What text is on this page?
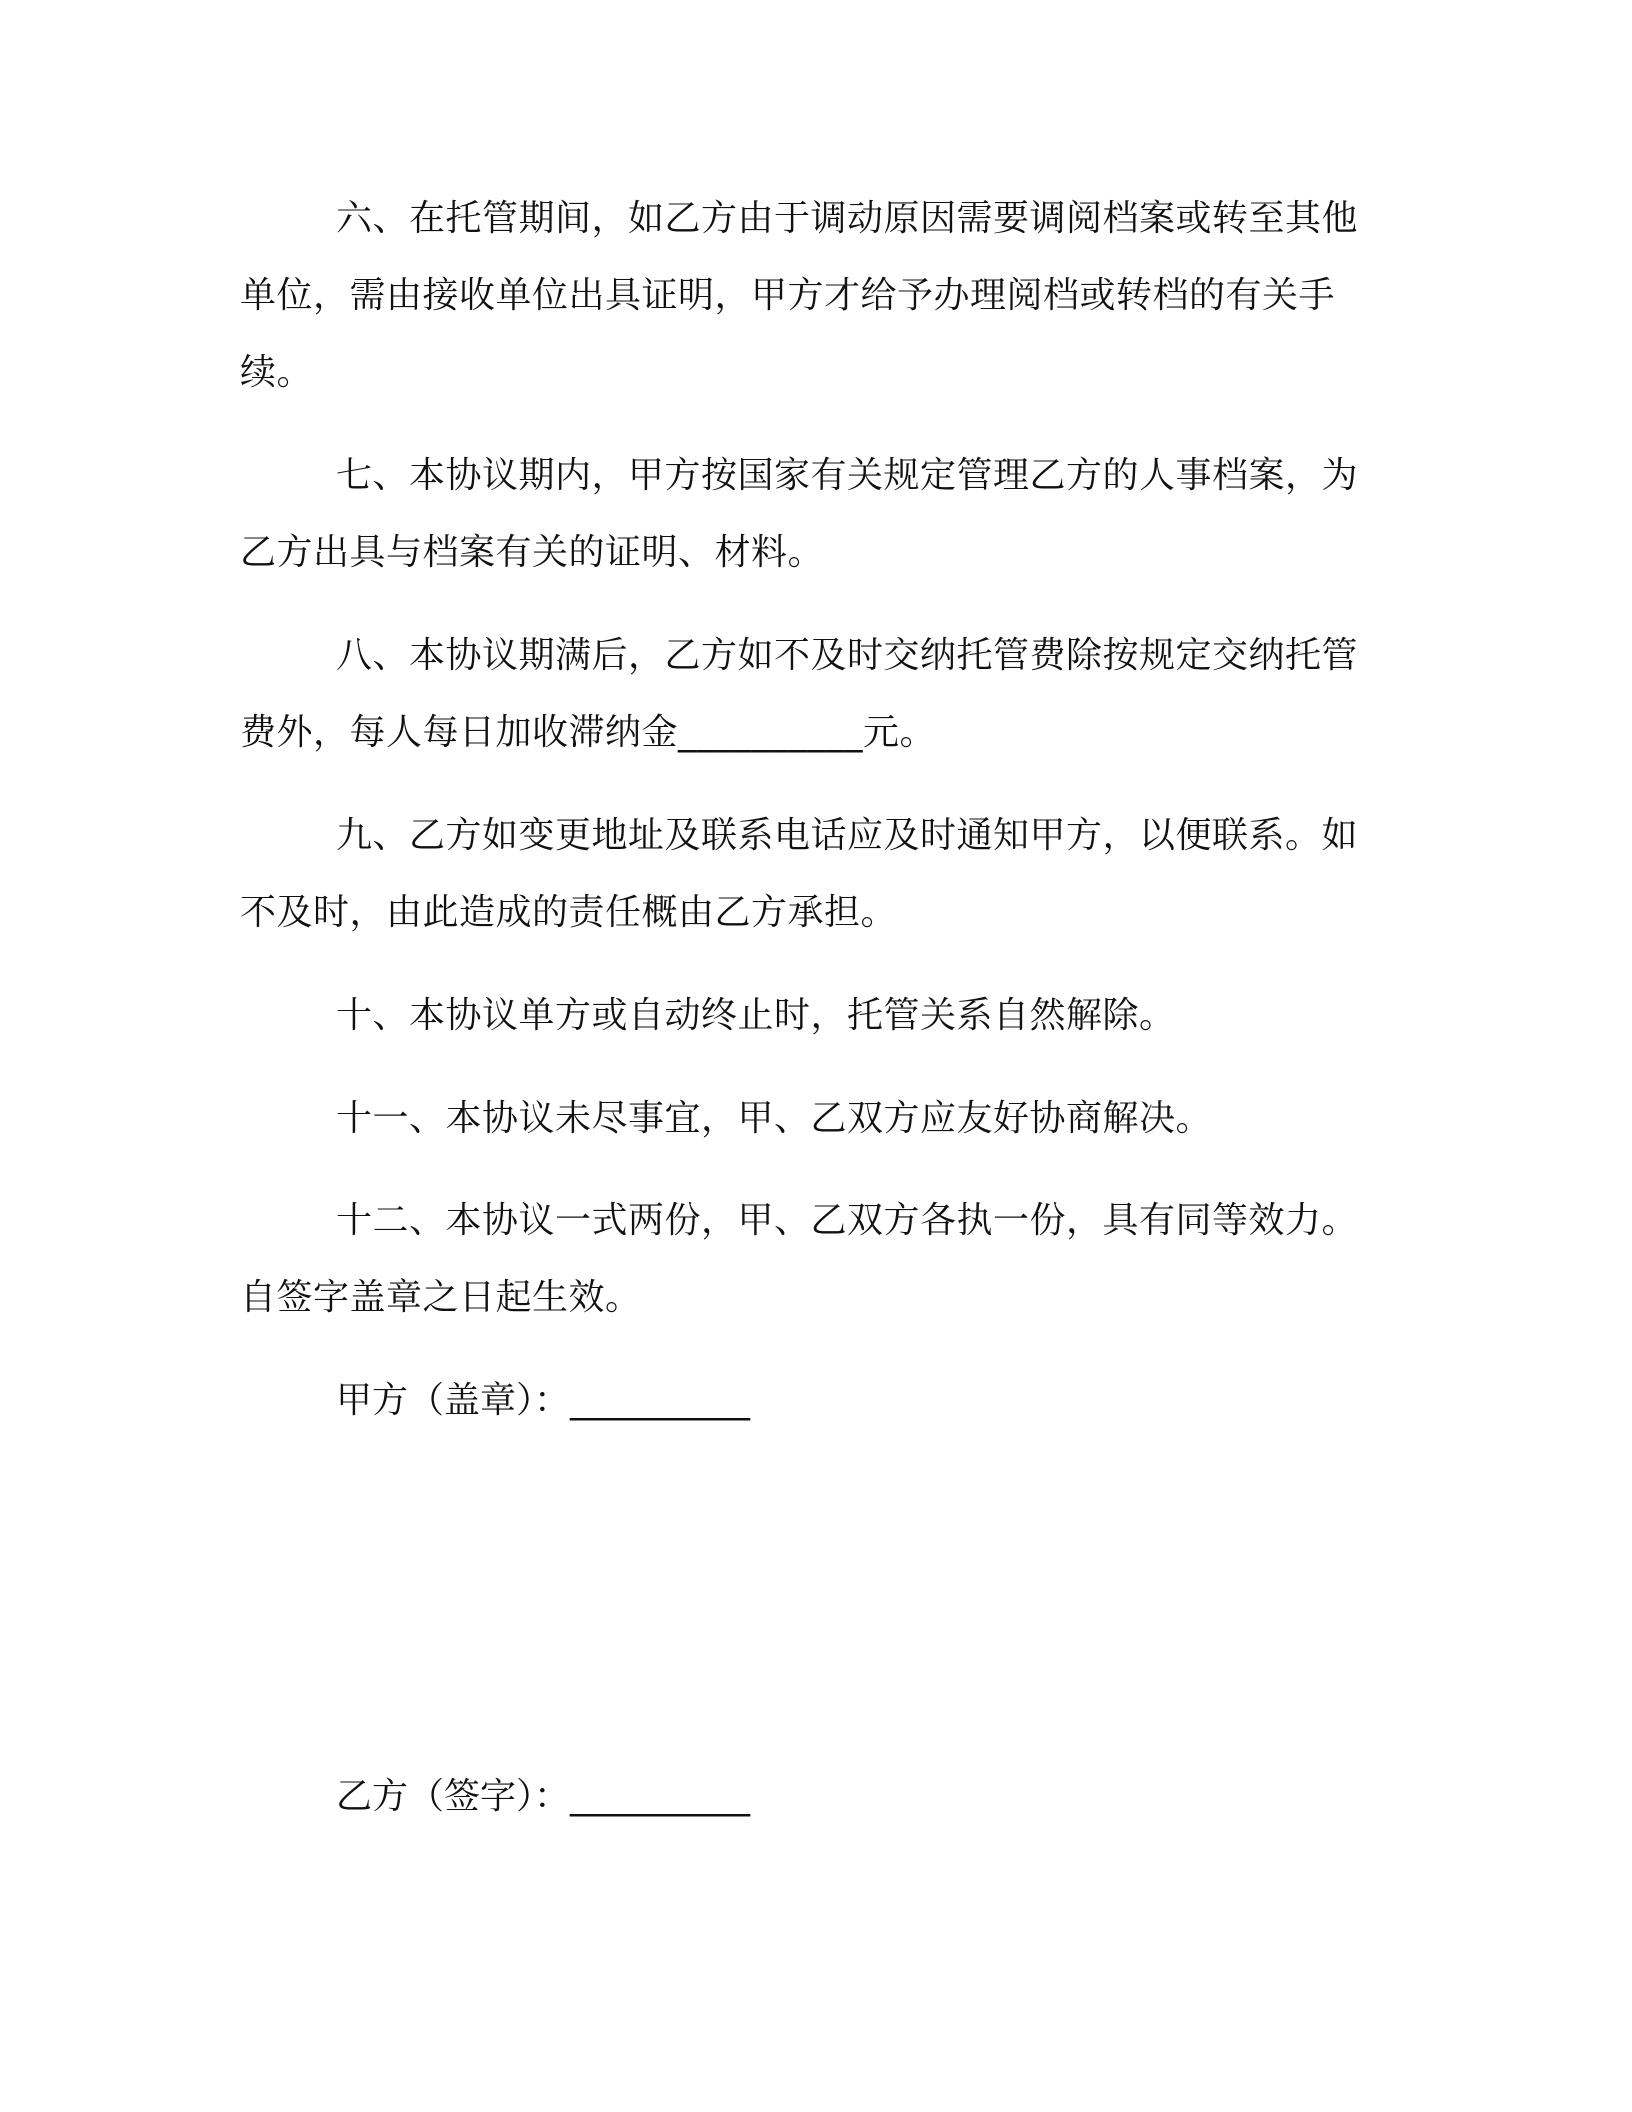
六、在托管期间，如乙方由于调动原因需要调阅档案或转至其他单位，需由接收单位出具证明，甲方才给予办理阅档或转档的有关手续。

七、本协议期内，甲方按国家有关规定管理乙方的人事档案，为乙方出具与档案有关的证明、材料。

八、本协议期满后，乙方如不及时交纳托管费除按规定交纳托管费外，每人每日加收滞纳金__________元。

九、乙方如变更地址及联系电话应及时通知甲方，以便联系。如不及时，由此造成的责任概由乙方承担。

十、本协议单方或自动终止时，托管关系自然解除。

十一、本协议未尽事宜，甲、乙双方应友好协商解决。

十二、本协议一式两份，甲、乙双方各执一份，具有同等效力。自签字盖章之日起生效。

甲方（盖章）：__________

乙方（签字）：__________
